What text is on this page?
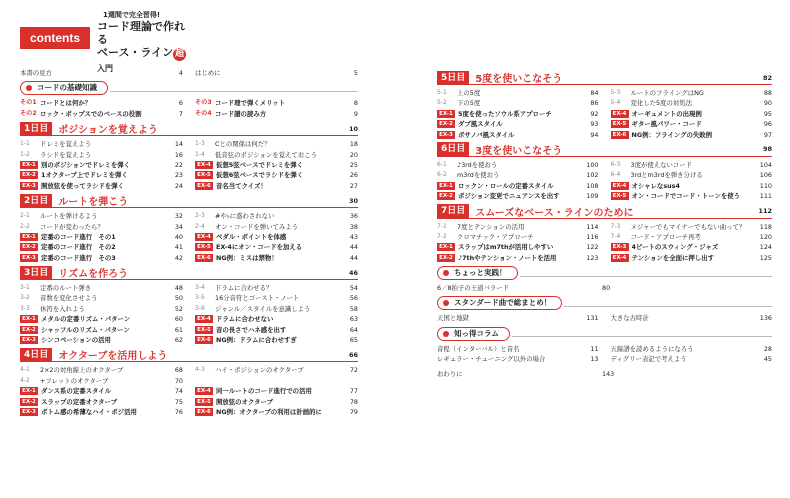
contents
1週間で完全習得!
コード理論で作れる
ベース・ライン 超入門
本書の見方	4 はじめに	5
コードの基礎知識
その1 コードとは何か？	6 その3 コード理で弾くメリット	8
その2 ロック・ポップスでのベースの役割	7 その4 コード譜の読み方	9
1日目	ポジションを覚えよう	10
1-1	ドレミを覚えよう	14 1-3	Cとの関係は何だ？	18
1-2	ラシドを覚えよう	16 1-4	低音弦のポジションを覚えておこう	20
EX-1 別のポジションでドレミを弾く	22	EX-4 仮想5弦ベースでドレミを弾く	25
EX-2 1オクターブ上でドレミを弾く	23	EX-5 仮想6弦ベースでラシドを弾く	26
EX-3 開放弦を使ってラシドを弾く	24	EX-6 音名当てクイズ！	27
2日目	ルートを弾こう	30
2-1	ルートを弾けるよう	32 2-3	#や♭に惑わされない	36
2-2	コードが変わったら？	34 2-4	オン・コードを弾いてみよう	38
EX-1 定番のコード進行　その1	40	EX-4 ペダル・ポイントを体感	43
EX-2 定番のコード進行　その2	41	EX-5 EX-4にオン・コードを加える	44
EX-3 定番のコード進行　その3	42	EX-6 NG例：ミスは禁物！	44
3日目	リズムを作ろう	46
3-1	定番のルート弾き	48 3-4	ドラムに合わせる？	54
3-2	音数を変化させよう	50 3-5	16分音符とゴースト・ノート	56
3-3	休符を入れよう	52 3-6	ジャンル／スタイルを意識しよう	58
EX-1 メタルの定番リズム・パターン	60	EX-4 ドラムに合わせない	63
EX-2 シャッフルのリズム・パターン	61	EX-5 音の長さでハネ感を出す	64
EX-3 シンコペーションの活用	62	EX-6 NG例：ドラムに合わせすぎ	65
4日目	オクターブを活用しよう	66
4-1	2×2の対角線上のオクターブ	68 4-3	ハイ・ポジションのオクターブ	72
4-2	+フレットのオクターブ	70
EX-1 ダンス系の定番スタイル	74	EX-4 同一ルートのコード進行での活用	77
EX-2 スラップの定番オクターブ	75	EX-5 開放弦のオクターブ	78
EX-3 ボトム感の希薄なハイ・ポジ活用	76	EX-6 NG例：オクターブの利用は計画的に	79
5日目	5度を使いこなそう	82
5-1	上の5度	84 5-3	ルートのフライングはNG	88
5-2	下の5度	86 5-4	変化した5度の対処法	90
EX-1 5度を使ったソウル系アプローチ	92	EX-4 オーギュメントの出現例	95
EX-2 ダブ風スタイル	93	EX-5 ギター風パワー・コード	96
EX-3 ボサノバ風スタイル	94	EX-6 NG例：フライングの失敗例	97
6日目	3度を使いこなそう	98
6-1	♪3rdを使おう	100 6-3	3度が使えないコード	104
6-2	m3rdを使おう	102 6-4	3rdとm3rdを弾き分ける	106
EX-1 ロックン・ロールの定番スタイル	108	EX-4 オシャレなsus4	110
EX-2 ポジション変更でニュアンスを出す	109	EX-5 オン・コードでコード・トーンを使う	111
7日目	スムーズなベース・ラインのために	112
7-1	7度とテンションの活用	114 7-3	メジャーでもマイナーでもない曲って？	118
7-2	クロマチック・アプローチ	116 7-4	コード・アプローチ再考	120
EX-1 スラップはm7thが活用しやすい	122	EX-3 4ビートのスウィング・ジャズ	124
EX-2 ♪7thやテンション・ノートを活用	123	EX-4 テンションを全面に押し出す	125
ちょっと実践！
6／8拍子の王道バラード	80
スタンダード曲で総まとめ！
天国と地獄	131 大きな古時計	136
知っ得コラム
音程（インターバル）と音名	11 五線譜を読めるようになろう	28
レギュラー・チューニング以外の場合	13 ディグリー表記で考えよう	45
おわりに	143
